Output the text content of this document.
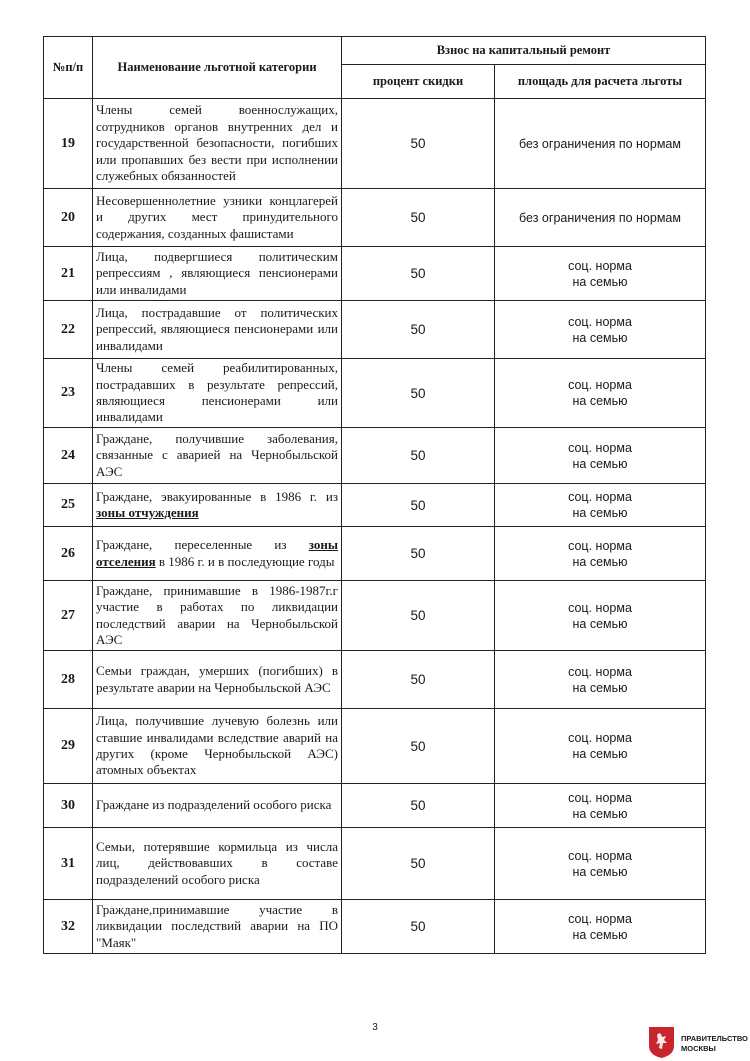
№п/п	Наименование льготной категории	Взнос на капитальный ремонт	
		процент скидки	площадь для расчета льготы
19	Члены семей военнослужащих, сотрудников органов внутренних дел и государственной безопасности, погибших или пропавших без вести при исполнении служебных обязанностей	50	без ограничения по нормам

20	Несовершеннолетние узники концлагерей и других мест принудительного содержания, созданных фашистами	50	без ограничения по нормам

21	Лица, подвергшиеся политическим репрессиям , являющиеся пенсионерами или инвалидами	50	соц. норма
на семью

22	Лица, пострадавшие от политических репрессий, являющиеся пенсионерами или инвалидами	50	соц. норма
на семью

23	Члены семей реабилитированных, пострадавших в результате репрессий, являющиеся пенсионерами или инвалидами	50	соц. норма
на семью

24	Граждане, получившие заболевания, связанные с аварией на Чернобыльской АЭС	50	соц. норма
на семью

25	Граждане, эвакуированные в 1986 г. из зоны отчуждения	50	соц. норма
на семью

26	Граждане, переселенные из зоны отселения в 1986 г. и в последующие годы	50	соц. норма
на семью

27	Граждане, принимавшие в 1986-1987г.г участие в работах по ликвидации последствий аварии на Чернобыльской АЭС	50	соц. норма
на семью

28	Семьи граждан, умерших (погибших) в результате аварии на Чернобыльской АЭС	50	соц. норма
на семью

29	Лица, получившие лучевую болезнь или ставшие инвалидами вследствие аварий на других (кроме Чернобыльской АЭС) атомных объектах	50	соц. норма
на семью

30	Граждане из подразделений особого риска	50	соц. норма
на семью

31	Семьи, потерявшие кормильца из числа лиц, действовавших в составе подразделений особого риска	50	соц. норма
на семью

32	Граждане,принимавшие участие в ликвидации последствий аварии на ПО "Маяк"	50	соц. норма
на семью
3
ПРАВИТЕЛЬСТВО
МОСКВЫ
